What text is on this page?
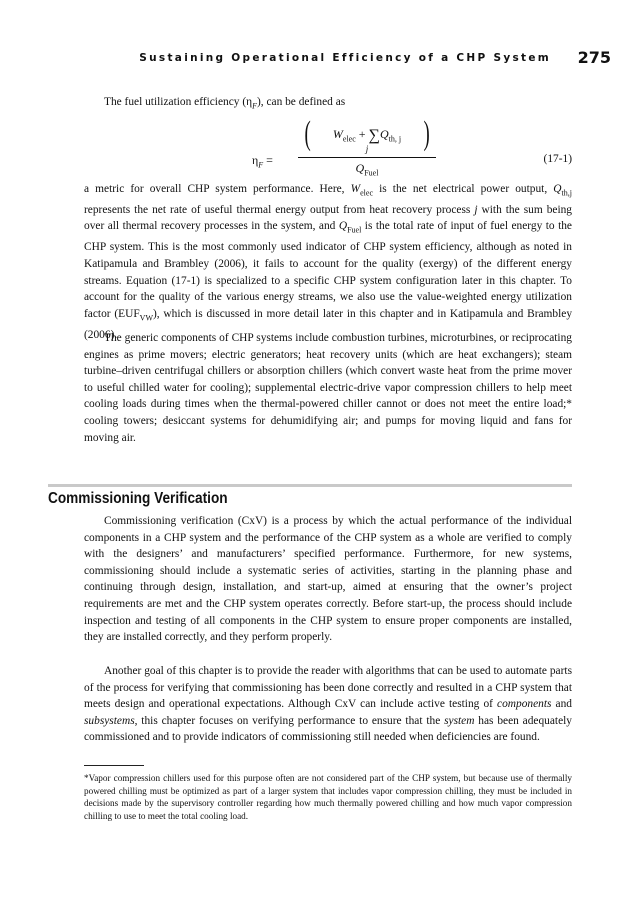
Sustaining Operational Efficiency of a CHP System 275
The fuel utilization efficiency $(\eta_F)$, can be defined as
$\eta_F$ =
(	$W_{elec} + \sum Q_{th, j}$
j	)
$Q_{Fuel}$
(17-1)

a metric for overall CHP system performance. Here, $W_{elec}$ is the net electrical power output, $Q_{th,j}$ represents the net rate of useful thermal energy output from heat recovery process j with the sum being over all thermal recovery processes in the system, and $Q_{Fuel}$ is the total rate of input of fuel energy to the CHP system. This is the most commonly used indicator of CHP system efficiency, although as noted in Katipamula and Brambley (2006), it fails to account for the quality (exergy) of the different energy streams. Equation (17-1) is specialized to a specific CHP system configuration later in this chapter. To account for the quality of the various energy streams, we also use the value-weighted energy utilization factor $(EUF_{VW})$, which is discussed in more detail later in this chapter and in Katipamula and Brambley (2006).

The generic components of CHP systems include combustion turbines, microturbines, or reciprocating engines as prime movers; electric generators; heat recovery units (which are heat exchangers); steam turbine–driven centrifugal chillers or absorption chillers (which convert waste heat from the prime mover to useful chilled water for cooling); supplemental electric-drive vapor compression chillers to help meet cooling loads during times when the thermal-powered chiller cannot or does not meet the entire load;* cooling towers; desiccant systems for dehumidifying air; and pumps for moving liquid and fans for moving air.

Commissioning Verification

Commissioning verification (CxV) is a process by which the actual performance of the individual components in a CHP system and the performance of the CHP system as a whole are verified to comply with the designers’ and manufacturers’ specified performance. Furthermore, for new systems, commissioning should include a systematic series of activities, starting in the planning phase and continuing through design, installation, and start-up, aimed at ensuring that the owner’s project requirements are met and the CHP system operates correctly. Before start-up, the process should include inspection and testing of all components in the CHP system to ensure proper components are installed, they are installed correctly, and they perform properly.

Another goal of this chapter is to provide the reader with algorithms that can be used to automate parts of the process for verifying that commissioning has been done correctly and resulted in a CHP system that meets design and operational expectations. Although CxV can include active testing of components and subsystems, this chapter focuses on verifying performance to ensure that the system has been adequately commissioned and to provide indicators of commissioning still needed when deficiencies are found.

*Vapor compression chillers used for this purpose often are not considered part of the CHP system, but because use of thermally powered chilling must be optimized as part of a larger system that includes vapor compression chilling, they must be included in decisions made by the supervisory controller regarding how much thermally powered chilling and how much vapor compression chilling to use to meet the total cooling load.
